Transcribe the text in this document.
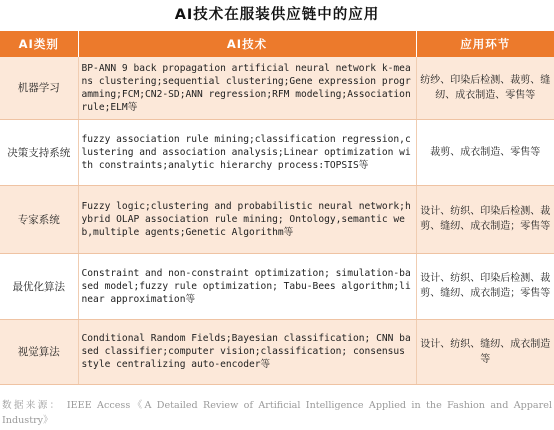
AI技术在服装供应链中的应用
AI类别	AI技术	应用环节
机器学习	BP-ANN 9 back propagation artificial neural network k-means clustering;sequential clustering;Gene expression programming;FCM;CN2-SD;ANN regression;RFM modeling;Association rule;ELM等	纺纱、印染后检测、裁剪、缝纫、成衣制造、零售等
决策支持系统	fuzzy association rule mining;classification regression,clustering and association analysis;Linear optimization with constraints;analytic hierarchy process:TOPSIS等	裁剪、成衣制造、零售等
专家系统	Fuzzy logic;clustering and probabilistic neural network;hybrid OLAP association rule mining; Ontology,semantic web,multiple agents;Genetic Algorithm等	设计、纺织、印染后检测、裁剪、缝纫、成衣制造；零售等
最优化算法	Constraint and non-constraint optimization; simulation-based model;fuzzy rule optimization; Tabu-Bees algorithm;linear approximation等	设计、纺织、印染后检测、裁剪、缝纫、成衣制造；零售等
视觉算法	Conditional Random Fields;Bayesian classification; CNN based classifier;computer vision;classification; consensus style centralizing auto-encoder等	设计、纺织、缝纫、成衣制造等
数据来源： IEEE Access《A Detailed Review of Artificial Intelligence Applied in the Fashion and Apparel Industry》
